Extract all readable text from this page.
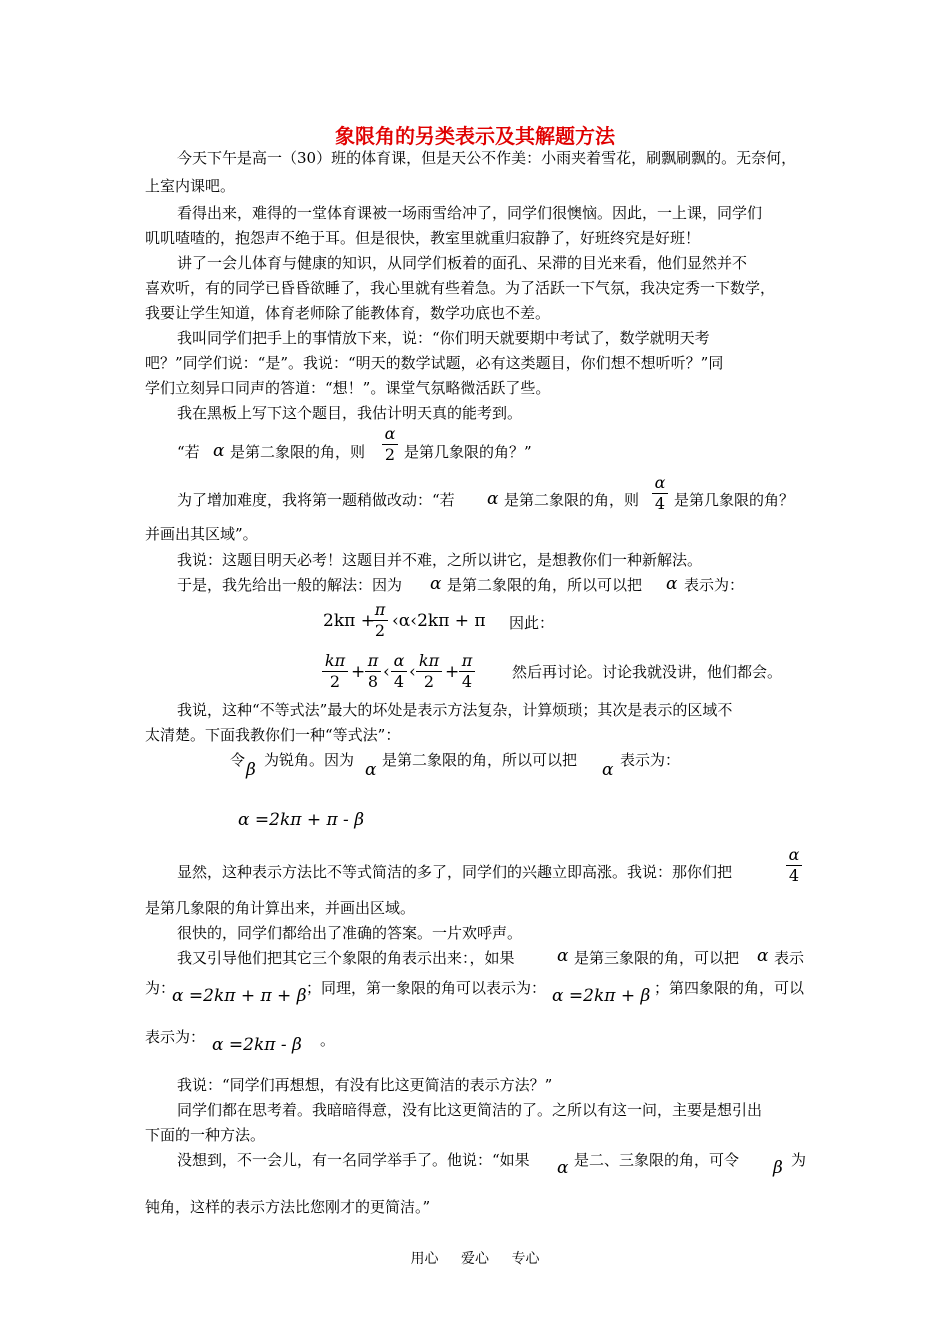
象限角的另类表示及其解题方法
今天下午是高一（30）班的体育课，但是天公不作美：小雨夹着雪花，刷飘刷飘的。无奈何，
上室内课吧。
看得出来，难得的一堂体育课被一场雨雪给冲了，同学们很懊恼。因此，一上课，同学们
叽叽喳喳的，抱怨声不绝于耳。但是很快，教室里就重归寂静了，好班终究是好班！
讲了一会儿体育与健康的知识，从同学们板着的面孔、呆滞的目光来看，他们显然并不
喜欢听，有的同学已昏昏欲睡了，我心里就有些着急。为了活跃一下气氛，我决定秀一下数学，
我要让学生知道，体育老师除了能教体育，数学功底也不差。
我叫同学们把手上的事情放下来，说：“你们明天就要期中考试了，数学就明天考
吧？”同学们说：“是”。我说：“明天的数学试题，必有这类题目，你们想不想听听？”同
学们立刻异口同声的答道：“想！”。课堂气氛略微活跃了些。
我在黑板上写下这个题目，我估计明天真的能考到。
“若 α 是第二象限的角，则
α
2 是第几象限的角？”
为了增加难度，我将第一题稍做改动：“若 α 是第二象限的角，则
α
4 是第几象限的角？
并画出其区域”。
我说：这题目明天必考！这题目并不难，之所以讲它，是想教你们一种新解法。
于是，我先给出一般的解法：因为 α 是第二象限的角，所以可以把 α 表示为：
2kπ +
π
2 ‹α‹2kπ + π 因此：
kπ
2 +
π
8 ‹
α
4 ‹
kπ
2 +
π
4	然后再讨论。讨论我就没讲，他们都会。
我说，这种“不等式法”最大的坏处是表示方法复杂，计算烦琐；其次是表示的区域不
太清楚。下面我教你们一种“等式法”：
令 β 为锐角。因为 α 是第二象限的角，所以可以把 α 表示为：
α =2kπ + π - β
显然，这种表示方法比不等式简洁的多了，同学们的兴趣立即高涨。我说：那你们把
α
4
是第几象限的角计算出来，并画出区域。
很快的，同学们都给出了准确的答案。一片欢呼声。
我又引导他们把其它三个象限的角表示出来：，如果 α 是第三象限的角，可以把 α 表示
为：
α =2kπ + π + β ；同理，第一象限的角可以表示为： α =2kπ + β ；第四象限的角，可以
表示为： α =2kπ - β 。
我说：“同学们再想想，有没有比这更简洁的表示方法？”
同学们都在思考着。我暗暗得意，没有比这更简洁的了。之所以有这一问，主要是想引出
下面的一种方法。
没想到，不一会儿，有一名同学举手了。他说：“如果 α 是二、三象限的角，可令 β 为
钝角，这样的表示方法比您刚才的更简洁。”
用心 爱心 专心
